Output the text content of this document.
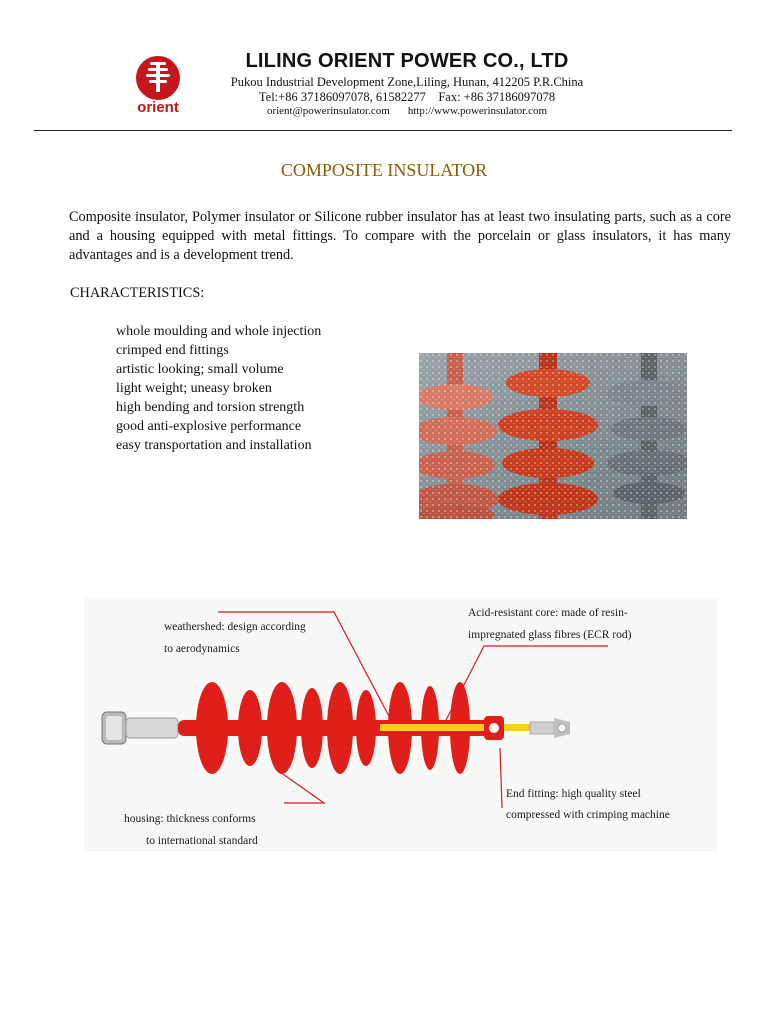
orient
LILING ORIENT POWER CO., LTD
Pukou Industrial Development Zone,Liling, Hunan, 412205 P.R.China
Tel:+86 37186097078, 61582277    Fax: +86 37186097078
orient@powerinsulator.com http://www.powerinsulator.com
COMPOSITE INSULATOR
Composite insulator, Polymer insulator or Silicone rubber insulator has at least two insulating parts, such as a core and a housing equipped with metal fittings. To compare with the porcelain or glass insulators, it has many advantages and is a development trend.
CHARACTERISTICS:
whole moulding and whole injection
crimped end fittings
artistic looking; small volume
light weight; uneasy broken
high bending and torsion strength
good anti-explosive performance
easy transportation and installation
weathershed: design according
to aerodynamics
Acid-resistant core: made of resin-
impregnated glass fibres (ECR rod)
housing: thickness conforms
to international standard
End fitting: high quality steel
compressed with crimping machine
